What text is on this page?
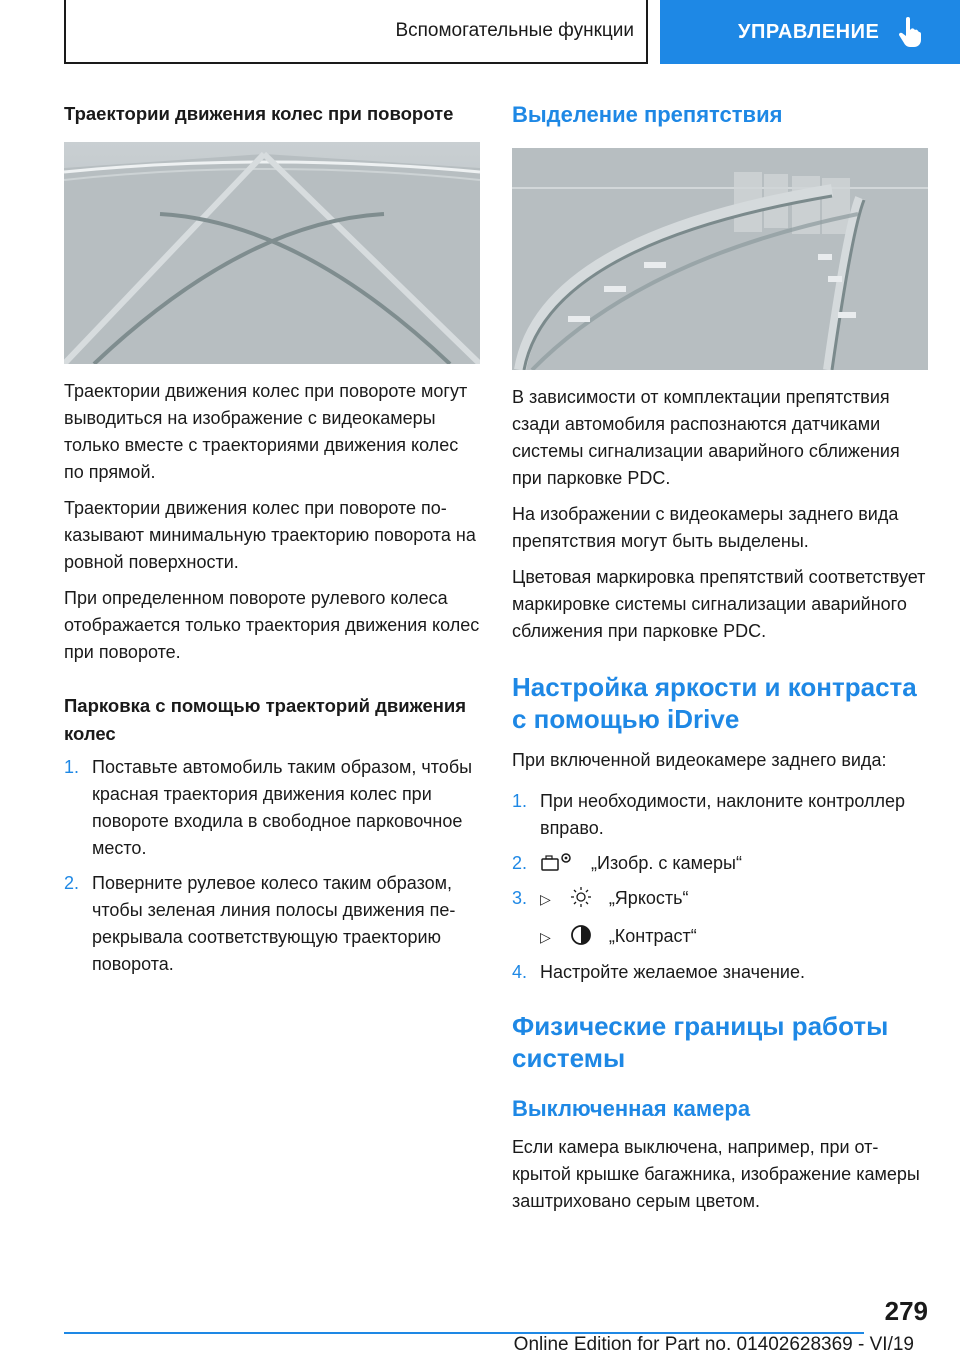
Вспомогательные функции	УПРАВЛЕНИЕ
Траектории движения колес при повороте

Траектории движения колес при повороте могут выводиться на изображение с видеокамеры только вместе с траекториями движения колес по прямой.

Траектории движения колес при повороте показывают минимальную траекторию поворота на ровной поверхности.

При определенном повороте рулевого колеса отображается только траектория движения колес при повороте.

Парковка с помощью траекторий движения колес
1. Поставьте автомобиль таким образом, чтобы красная траектория движения колес при повороте входила в свободное парковочное место.
2. Поверните рулевое колесо таким образом, чтобы зеленая линия полосы движения перекрывала соответствующую траекторию поворота.
Выделение препятствия

В зависимости от комплектации препятствия сзади автомобиля распознаются датчиками системы сигнализации аварийного сближения при парковке PDC.

На изображении с видеокамеры заднего вида препятствия могут быть выделены.

Цветовая маркировка препятствий соответствует маркировке системы сигнализации аварийного сближения при парковке PDC.

Настройка яркости и контраста с помощью iDrive

При включенной видеокамере заднего вида:

1. При необходимости, наклоните контроллер вправо.
2.	„Изобр. с камеры“
3. ▷	„Яркость“
▷	„Контраст“
4. Настройте желаемое значение.
Физические границы работы системы
Выключенная камера

Если камера выключена, например, при открытой крышке багажника, изображение камеры заштриховано серым цветом.

279
Online Edition for Part no. 01402628369 - VI/19
